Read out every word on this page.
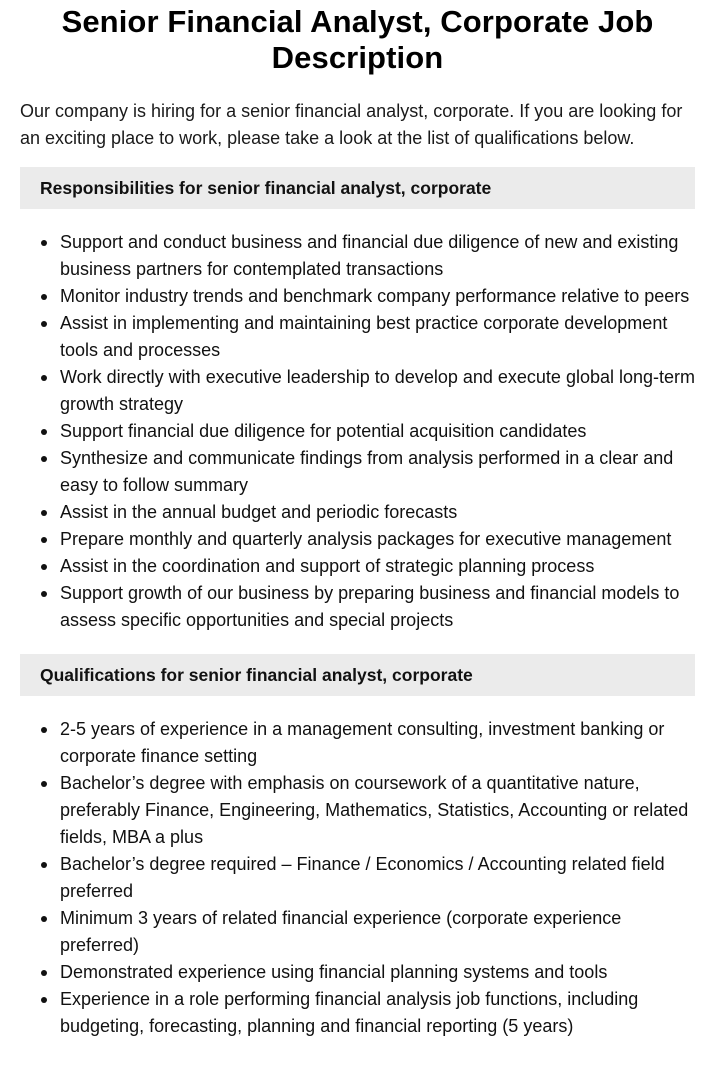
Senior Financial Analyst, Corporate Job Description

Our company is hiring for a senior financial analyst, corporate. If you are looking for an exciting place to work, please take a look at the list of qualifications below.

Responsibilities for senior financial analyst, corporate
Support and conduct business and financial due diligence of new and existing business partners for contemplated transactions
Monitor industry trends and benchmark company performance relative to peers
Assist in implementing and maintaining best practice corporate development tools and processes
Work directly with executive leadership to develop and execute global long-term growth strategy
Support financial due diligence for potential acquisition candidates
Synthesize and communicate findings from analysis performed in a clear and easy to follow summary
Assist in the annual budget and periodic forecasts
Prepare monthly and quarterly analysis packages for executive management
Assist in the coordination and support of strategic planning process
Support growth of our business by preparing business and financial models to assess specific opportunities and special projects
Qualifications for senior financial analyst, corporate
2-5 years of experience in a management consulting, investment banking or corporate finance setting
Bachelor’s degree with emphasis on coursework of a quantitative nature, preferably Finance, Engineering, Mathematics, Statistics, Accounting or related fields, MBA a plus
Bachelor’s degree required – Finance / Economics / Accounting related field preferred
Minimum 3 years of related financial experience (corporate experience preferred)
Demonstrated experience using financial planning systems and tools
Experience in a role performing financial analysis job functions, including budgeting, forecasting, planning and financial reporting (5 years)
